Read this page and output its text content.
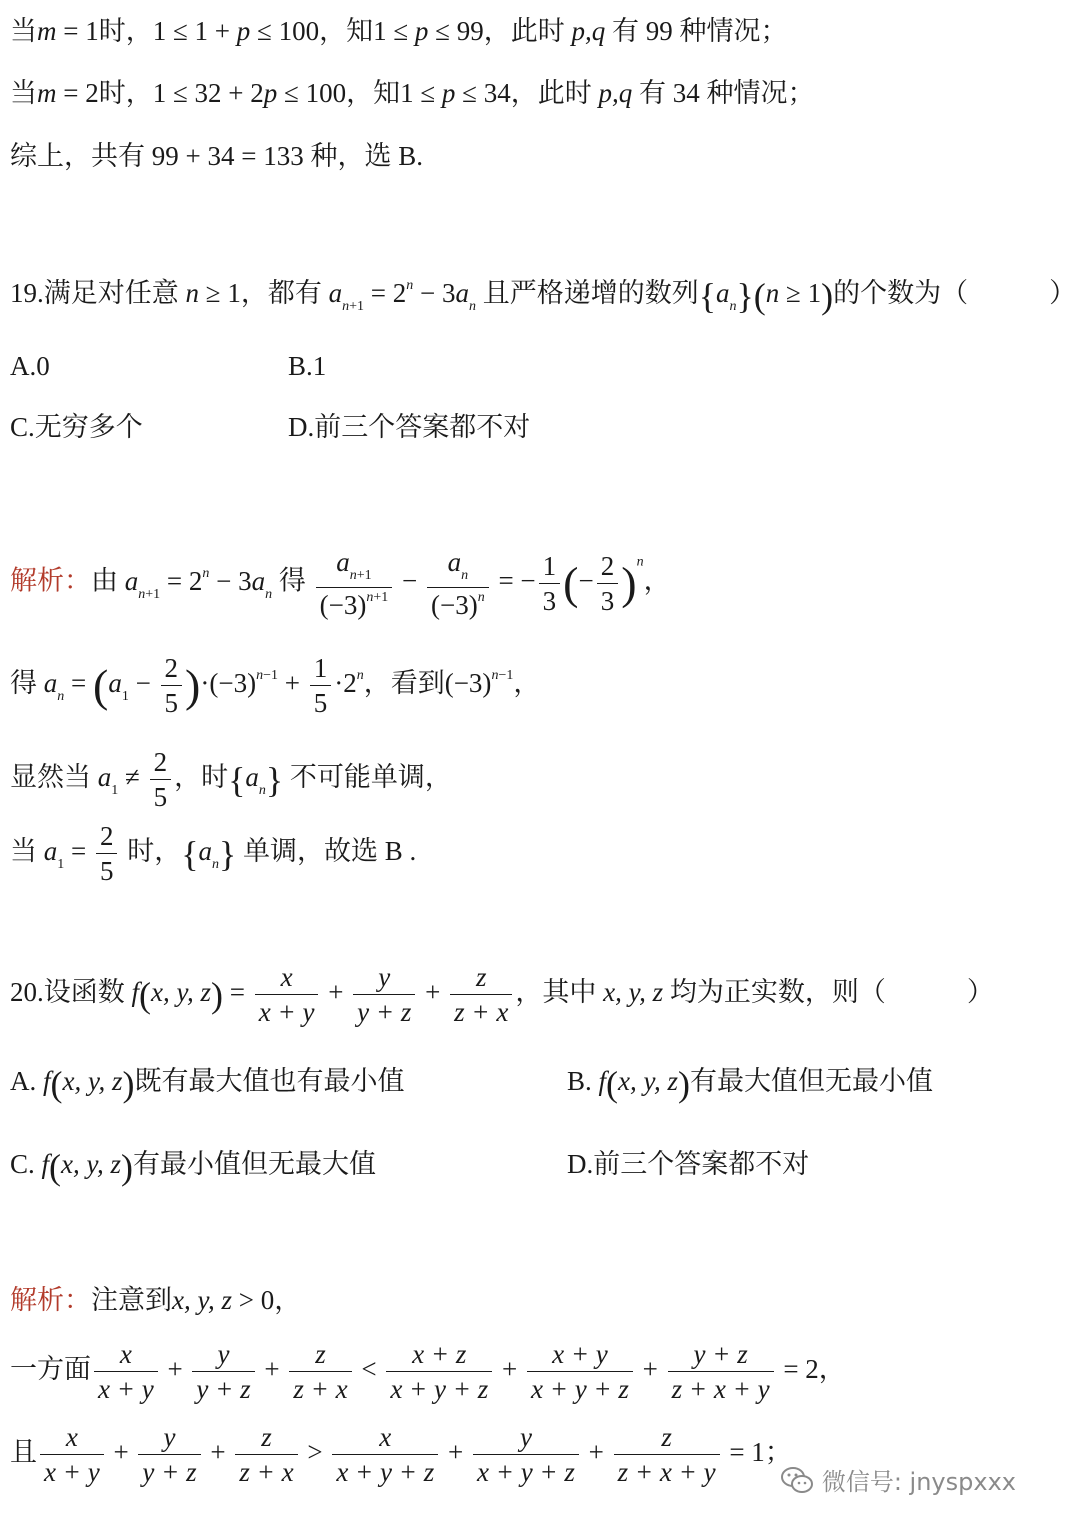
当m = 1时，1 ≤ 1 + p ≤ 100，知1 ≤ p ≤ 99，此时 p,q 有 99 种情况；
当m = 2时，1 ≤ 32 + 2p ≤ 100，知1 ≤ p ≤ 34，此时 p,q 有 34 种情况；
综上，共有 99 + 34 = 133 种，选 B.
19.满足对任意 n ≥ 1，都有 $a_{n+1} = 2^n - 3a_n$ 且严格递增的数列$\{a_n\}(n \ge 1)$的个数为（　　　）
A.0	B.1
C.无穷多个	D.前三个答案都不对
解析：由 $a_{n+1} = 2^n - 3a_n$ 得 $\frac{a_{n+1}}{(-3)^{n+1}} - \frac{a_n}{(-3)^n}$ = − $\frac{1}{3}$ (− $\frac{2}{3} )^n$，
得 $a_n = (a_1 - \frac{2}{5} )\cdot(-3)^{n-1} + \frac{1}{5} \cdot 2^n$，看到$(-3)^{n-1}$，
显然当 $a_1 \ne \frac{2}{5}$ ，时$\{a_n\}$ 不可能单调，
当 $a_1 = \frac{2}{5}$ 时，$\{a_n\}$ 单调，故选 B .
20.设函数 f(x, y, $z) = \frac{x}{x + y} + \frac{y}{y + z} + \frac{z}{z + x}$ ，其中 x, y, z 均为正实数，则（　　　）
A. f(x, y, z)既有最大值也有最小值	B. f(x, y, z)有最大值但无最小值
C. f(x, y, z)有最小值但无最大值	D.前三个答案都不对
解析：注意到x, y, z > 0，
一方面 $\frac{x}{x + y} + \frac{y}{y + z} + \frac{z}{z + x} < \frac{x + z}{x + y + z} + \frac{x + y}{x + y + z} + \frac{y + z}{z + x + y} = 2$，
且 $\frac{x}{x + y} + \frac{y}{y + z} + \frac{z}{z + x} > \frac{x}{x + y + z} + \frac{y}{x + y + z} + \frac{z}{z + x + y} = 1$；
微信号: jnyspxxx
